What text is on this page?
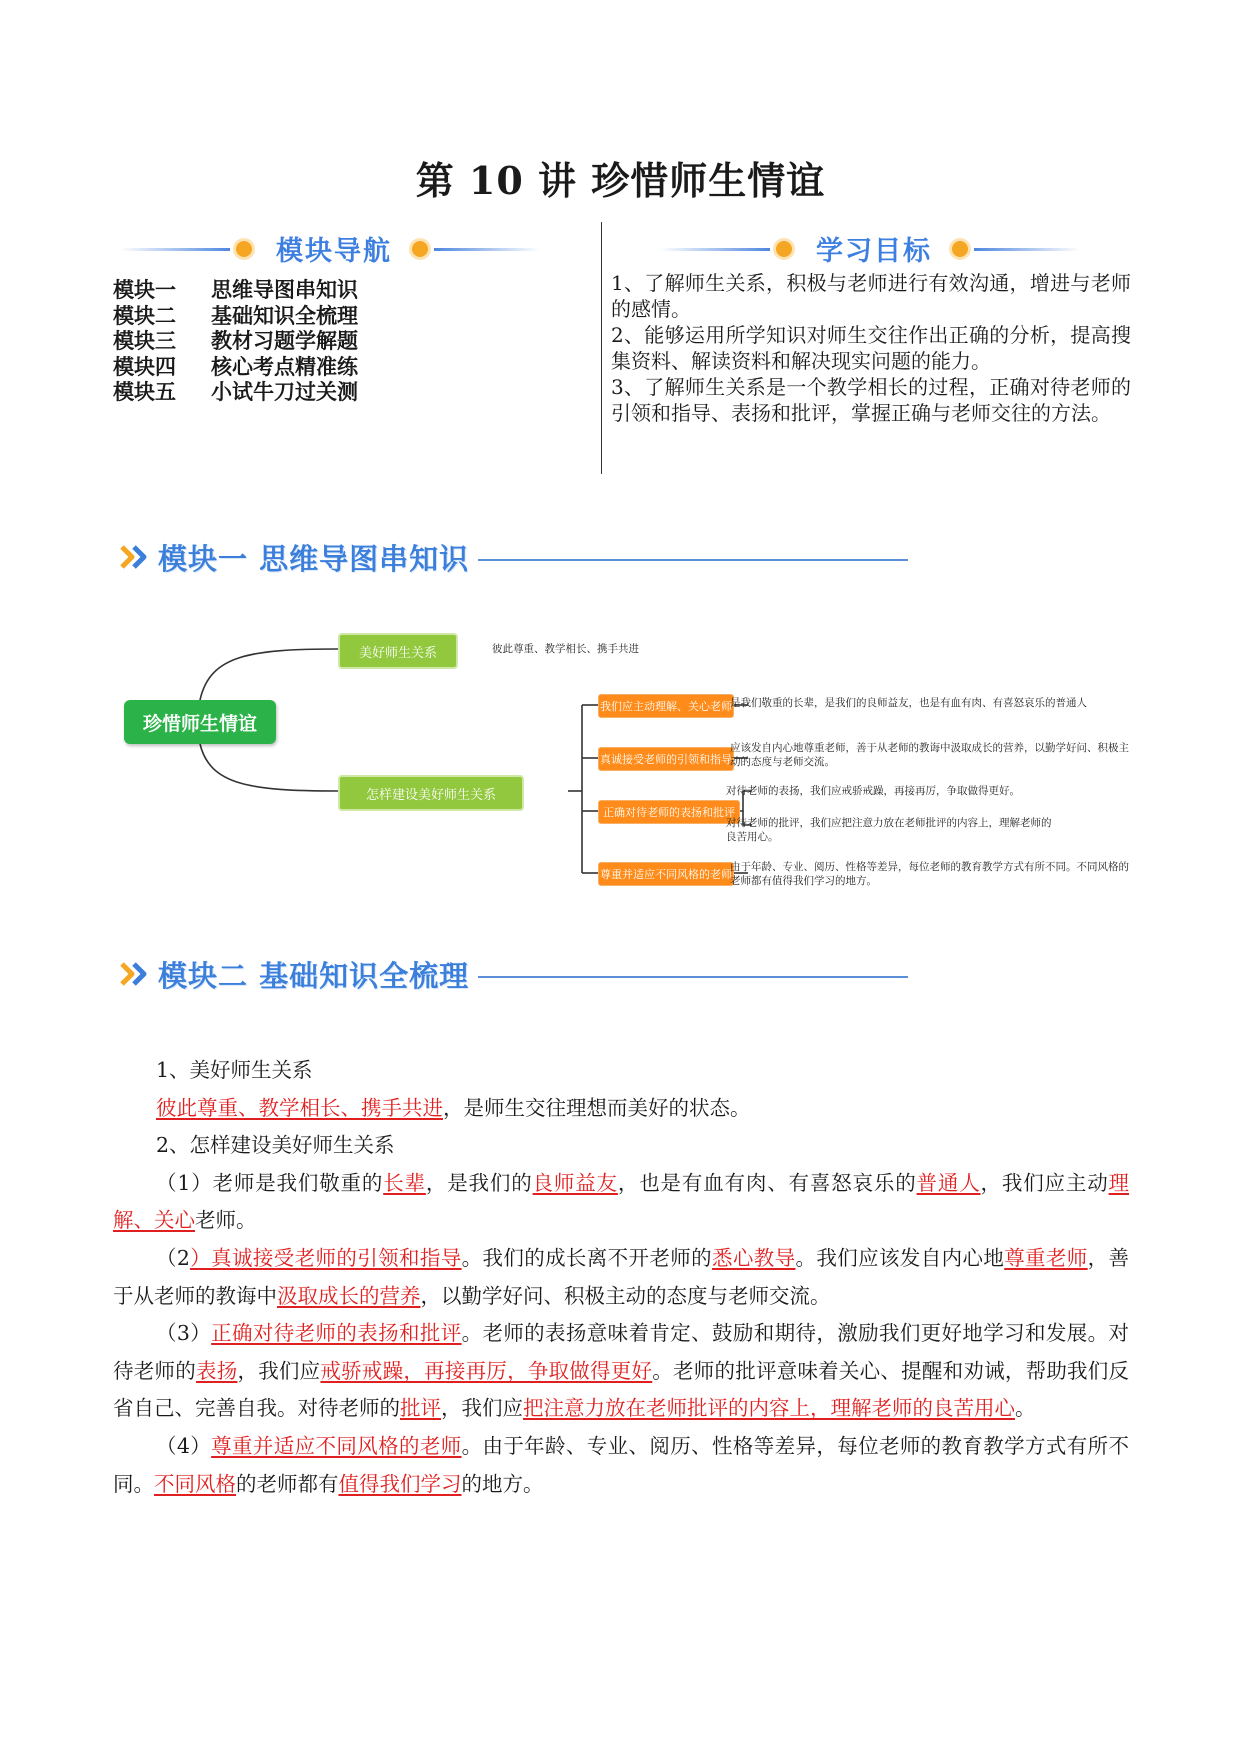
第 10 讲 珍惜师生情谊
模块导航
模块一	思维导图串知识
模块二	基础知识全梳理
模块三	教材习题学解题
模块四	核心考点精准练
模块五	小试牛刀过关测
学习目标
1、了解师生关系，积极与老师进行有效沟通，增进与老师的感情。
2、能够运用所学知识对师生交往作出正确的分析，提高搜集资料、解读资料和解决现实问题的能力。
3、了解师生关系是一个教学相长的过程，正确对待老师的引领和指导、表扬和批评，掌握正确与老师交往的方法。
模块一 思维导图串知识
珍惜师生情谊
美好师生关系	彼此尊重、教学相长、携手共进
怎样建设美好师生关系
我们应主动理解、关心老师
是我们敬重的长辈，是我们的良师益友，也是有血有肉、有喜怒哀乐的普通人
真诚接受老师的引领和指导
应该发自内心地尊重老师，善于从老师的教诲中汲取成长的营养，以勤学好问、积极主动的态度与老师交流。
正确对待老师的表扬和批评
对待老师的表扬，我们应戒骄戒躁，再接再厉，争取做得更好。
对待老师的批评，我们应把注意力放在老师批评的内容上，理解老师的良苦用心。
尊重并适应不同风格的老师
由于年龄、专业、阅历、性格等差异，每位老师的教育教学方式有所不同。不同风格的老师都有值得我们学习的地方。
模块二 基础知识全梳理

1、美好师生关系

彼此尊重、教学相长、携手共进，是师生交往理想而美好的状态。

2、怎样建设美好师生关系

（1）老师是我们敬重的长辈，是我们的良师益友，也是有血有肉、有喜怒哀乐的普通人，我们应主动理解、关心老师。

（2）真诚接受老师的引领和指导。我们的成长离不开老师的悉心教导。我们应该发自内心地尊重老师，善于从老师的教诲中汲取成长的营养，以勤学好问、积极主动的态度与老师交流。

（3）正确对待老师的表扬和批评。老师的表扬意味着肯定、鼓励和期待，激励我们更好地学习和发展。对待老师的表扬，我们应戒骄戒躁，再接再厉，争取做得更好。老师的批评意味着关心、提醒和劝诫，帮助我们反省自己、完善自我。对待老师的批评，我们应把注意力放在老师批评的内容上，理解老师的良苦用心。

（4）尊重并适应不同风格的老师。由于年龄、专业、阅历、性格等差异，每位老师的教育教学方式有所不同。不同风格的老师都有值得我们学习的地方。
